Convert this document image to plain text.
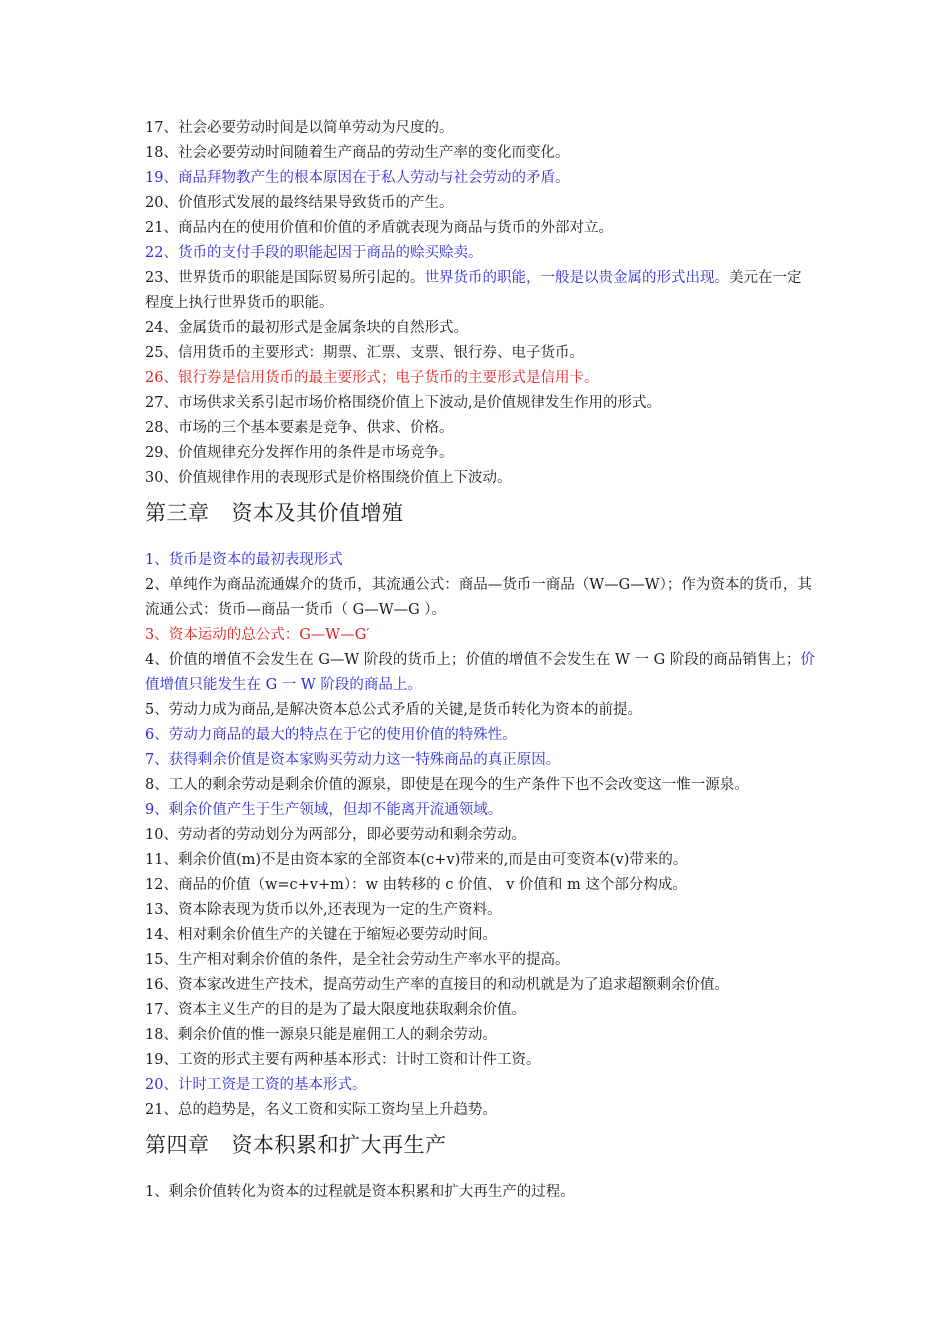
17、社会必要劳动时间是以简单劳动为尺度的。

18、社会必要劳动时间随着生产商品的劳动生产率的变化而变化。

19、商品拜物教产生的根本原因在于私人劳动与社会劳动的矛盾。

20、价值形式发展的最终结果导致货币的产生。

21、商品内在的使用价值和价值的矛盾就表现为商品与货币的外部对立。

22、货币的支付手段的职能起因于商品的赊买赊卖。

23、世界货币的职能是国际贸易所引起的。世界货币的职能，一般是以贵金属的形式出现。美元在一定程度上执行世界货币的职能。

24、金属货币的最初形式是金属条块的自然形式。

25、信用货币的主要形式：期票、汇票、支票、银行券、电子货币。

26、银行券是信用货币的最主要形式；电子货币的主要形式是信用卡。

27、市场供求关系引起市场价格围绕价值上下波动,是价值规律发生作用的形式。

28、市场的三个基本要素是竞争、供求、价格。

29、价值规律充分发挥作用的条件是市场竞争。

30、价值规律作用的表现形式是价格围绕价值上下波动。

第三章 资本及其价值增殖

1、货币是资本的最初表现形式

2、单纯作为商品流通媒介的货币，其流通公式：商品—货币一商品（W—G—W）；作为资本的货币，其流通公式：货币—商品一货币（ G—W—G ）。

3、资本运动的总公式：G—W—G′

4、价值的增值不会发生在 G—W 阶段的货币上；价值的增值不会发生在 W 一 G 阶段的商品销售上；价值增值只能发生在 G 一 W 阶段的商品上。

5、劳动力成为商品,是解决资本总公式矛盾的关键,是货币转化为资本的前提。

6、劳动力商品的最大的特点在于它的使用价值的特殊性。

7、获得剩余价值是资本家购买劳动力这一特殊商品的真正原因。

8、工人的剩余劳动是剩余价值的源泉，即使是在现今的生产条件下也不会改变这一惟一源泉。

9、剩余价值产生于生产领域，但却不能离开流通领域。

10、劳动者的劳动划分为两部分，即必要劳动和剩余劳动。

11、剩余价值(m)不是由资本家的全部资本(c+v)带来的,而是由可变资本(v)带来的。

12、商品的价值（w=c+v+m）：w 由转移的 c 价值、 v 价值和 m 这个部分构成。

13、资本除表现为货币以外,还表现为一定的生产资料。

14、相对剩余价值生产的关键在于缩短必要劳动时间。

15、生产相对剩余价值的条件，是全社会劳动生产率水平的提高。

16、资本家改进生产技术，提高劳动生产率的直接目的和动机就是为了追求超额剩余价值。

17、资本主义生产的目的是为了最大限度地获取剩余价值。

18、剩余价值的惟一源泉只能是雇佣工人的剩余劳动。

19、工资的形式主要有两种基本形式：计时工资和计件工资。

20、计时工资是工资的基本形式。

21、总的趋势是，名义工资和实际工资均呈上升趋势。

第四章 资本积累和扩大再生产

1、剩余价值转化为资本的过程就是资本积累和扩大再生产的过程。
